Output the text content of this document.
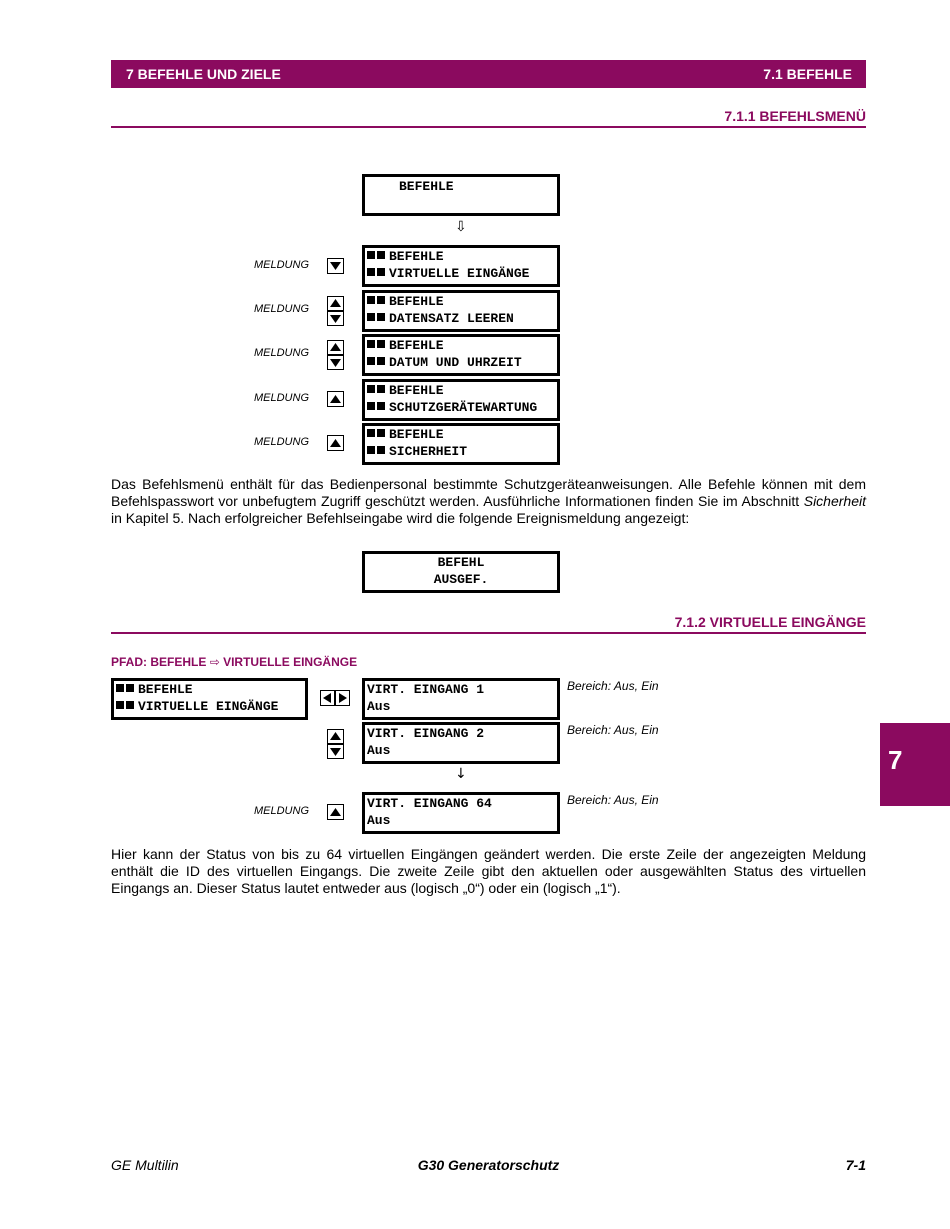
7 BEFEHLE UND ZIELE	7.1 BEFEHLE
7.1.1 BEFEHLSMENÜ
BEFEHLE
⇩
MELDUNG
BEFEHLE
VIRTUELLE EINGÄNGE
MELDUNG	BEFEHLE
DATENSATZ LEEREN
MELDUNG	BEFEHLE
DATUM UND UHRZEIT
MELDUNG	BEFEHLE
SCHUTZGERÄTEWARTUNG
MELDUNG	BEFEHLE
SICHERHEIT
Das Befehlsmenü enthält für das Bedienpersonal bestimmte Schutzgeräteanweisungen. Alle Befehle können mit dem Befehlspasswort vor unbefugtem Zugriff geschützt werden. Ausführliche Informationen finden Sie im Abschnitt Sicherheit in Kapitel 5. Nach erfolgreicher Befehlseingabe wird die folgende Ereignismeldung angezeigt:
BEFEHL
AUSGEF.
7.1.2 VIRTUELLE EINGÄNGE
PFAD: BEFEHLE ⇨ VIRTUELLE EINGÄNGE
BEFEHLE
VIRTUELLE EINGÄNGE
VIRT. EINGANG 1
Aus
Bereich: Aus, Ein
VIRT. EINGANG 2
Aus
Bereich: Aus, Ein
↓
MELDUNG	VIRT. EINGANG 64
Aus
Bereich: Aus, Ein
Hier kann der Status von bis zu 64 virtuellen Eingängen geändert werden. Die erste Zeile der angezeigten Meldung enthält die ID des virtuellen Eingangs. Die zweite Zeile gibt den aktuellen oder ausgewählten Status des virtuellen Eingangs an. Dieser Status lautet entweder aus (logisch „0“) oder ein (logisch „1“).
7
GE Multilin	G30 Generatorschutz	7-1
